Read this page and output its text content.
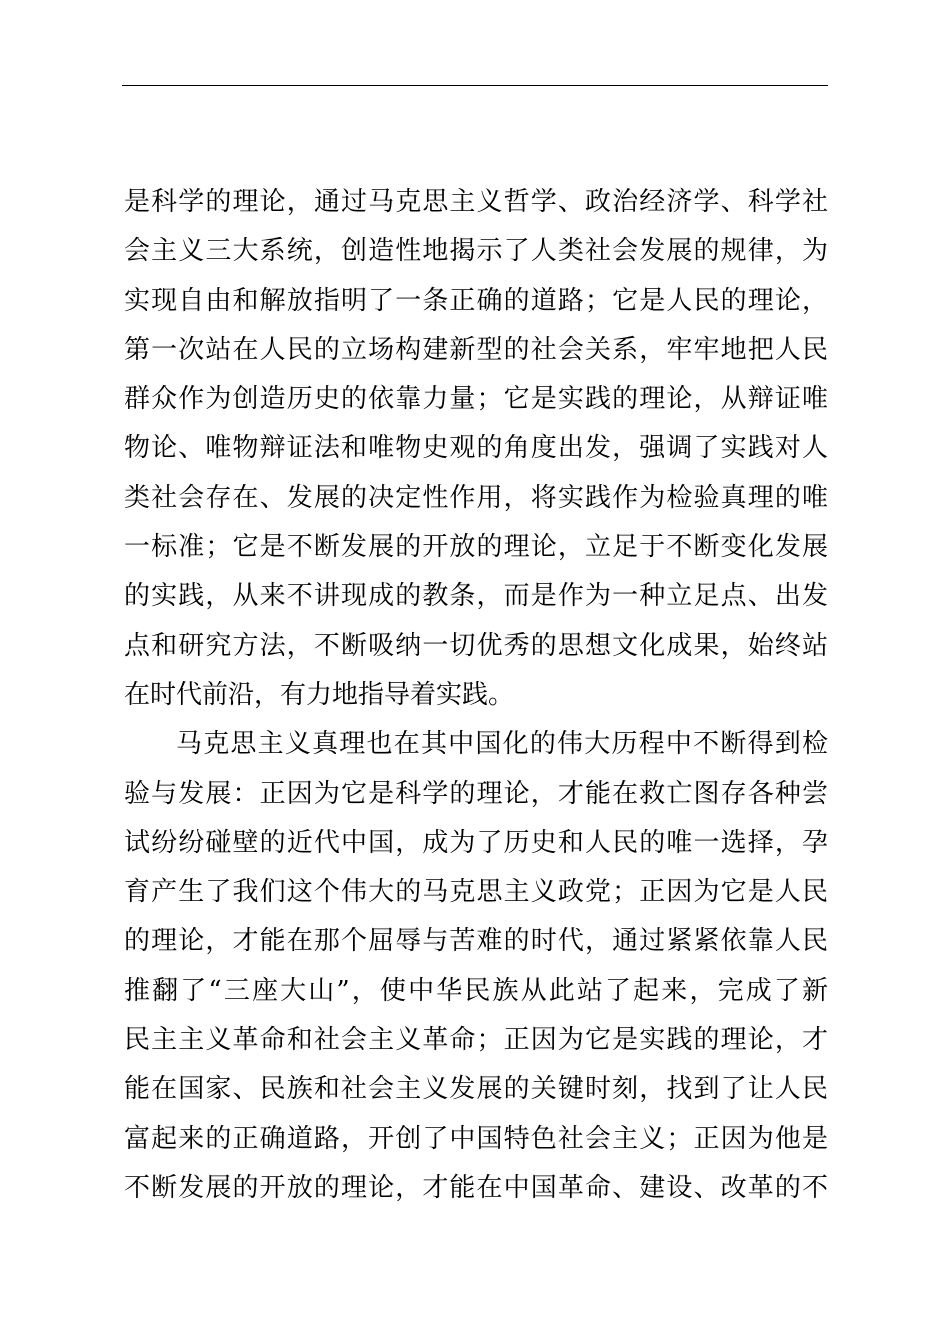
是科学的理论，通过马克思主义哲学、政治经济学、科学社
会主义三大系统，创造性地揭示了人类社会发展的规律，为
实现自由和解放指明了一条正确的道路；它是人民的理论，
第一次站在人民的立场构建新型的社会关系，牢牢地把人民
群众作为创造历史的依靠力量；它是实践的理论，从辩证唯
物论、唯物辩证法和唯物史观的角度出发，强调了实践对人
类社会存在、发展的决定性作用，将实践作为检验真理的唯
一标准；它是不断发展的开放的理论，立足于不断变化发展
的实践，从来不讲现成的教条，而是作为一种立足点、出发
点和研究方法，不断吸纳一切优秀的思想文化成果，始终站
在时代前沿，有力地指导着实践。
马克思主义真理也在其中国化的伟大历程中不断得到检
验与发展：正因为它是科学的理论，才能在救亡图存各种尝
试纷纷碰壁的近代中国，成为了历史和人民的唯一选择，孕
育产生了我们这个伟大的马克思主义政党；正因为它是人民
的理论，才能在那个屈辱与苦难的时代，通过紧紧依靠人民
推翻了“三座大山”，使中华民族从此站了起来，完成了新
民主主义革命和社会主义革命；正因为它是实践的理论，才
能在国家、民族和社会主义发展的关键时刻，找到了让人民
富起来的正确道路，开创了中国特色社会主义；正因为他是
不断发展的开放的理论，才能在中国革命、建设、改革的不
